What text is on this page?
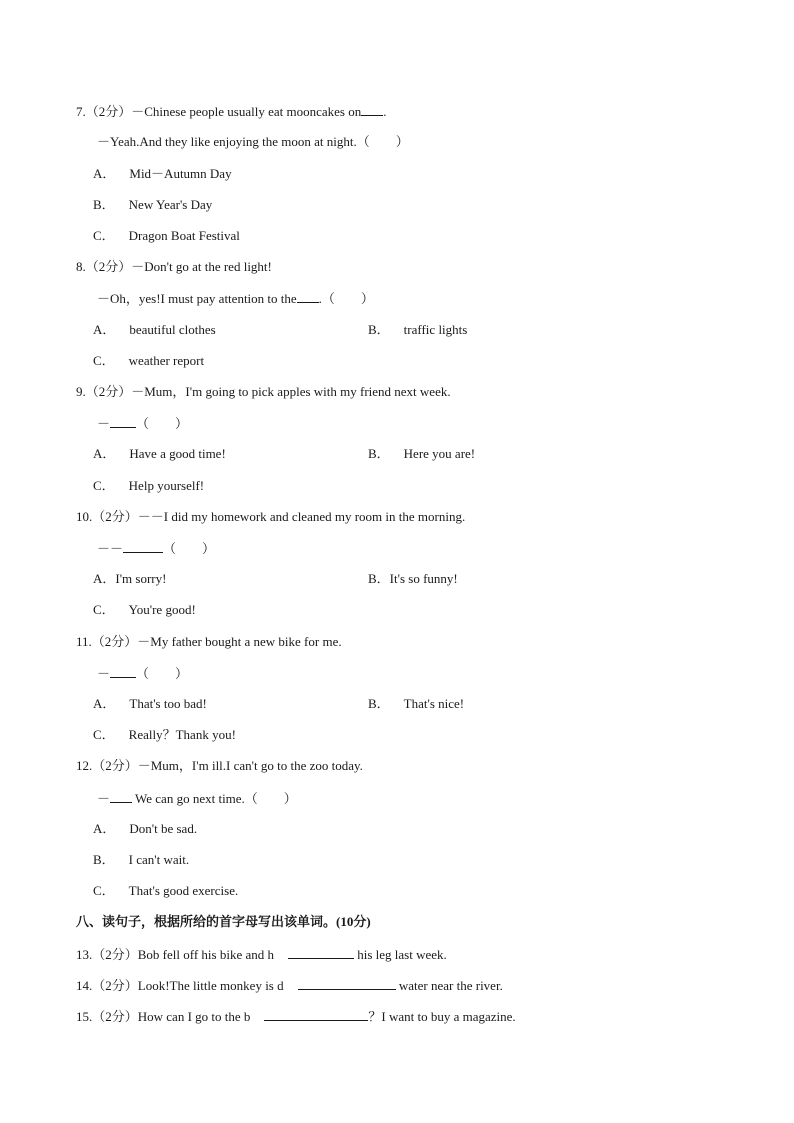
7.（2分）－Chinese people usually eat mooncakes on .
－Yeah.And they like enjoying the moon at night.（　　）
A． Mid－Autumn Day
B． New Year's Day
C． Dragon Boat Festival
8.（2分）－Don't go at the red light!
－Oh，yes!I must pay attention to the .（　　）
A． beautiful clothes	B． traffic lights
C． weather report
9.（2分）－Mum，I'm going to pick apples with my friend next week.
－ （　　）
A． Have a good time!	B． Here you are!
C． Help yourself!
10.（2分）－－I did my homework and cleaned my room in the morning.
－－	（　　）
A．I'm sorry!	B．It's so funny!
C． You're good!
11.（2分）－My father bought a new bike for me.
－ （　　）
A． That's too bad!	B． That's nice!
C． Really？Thank you!
12.（2分）－Mum，I'm ill.I can't go to the zoo today.
－ We can go next time.（　　）
A． Don't be sad.
B． I can't wait.
C． That's good exercise.
八、读句子，根据所给的首字母写出该单词。(10分)
13.（2分）Bob fell off his bike and h	his leg last week.
14.（2分）Look!The little monkey is d	water near the river.
15.（2分）How can I go to the b	？I want to buy a magazine.
